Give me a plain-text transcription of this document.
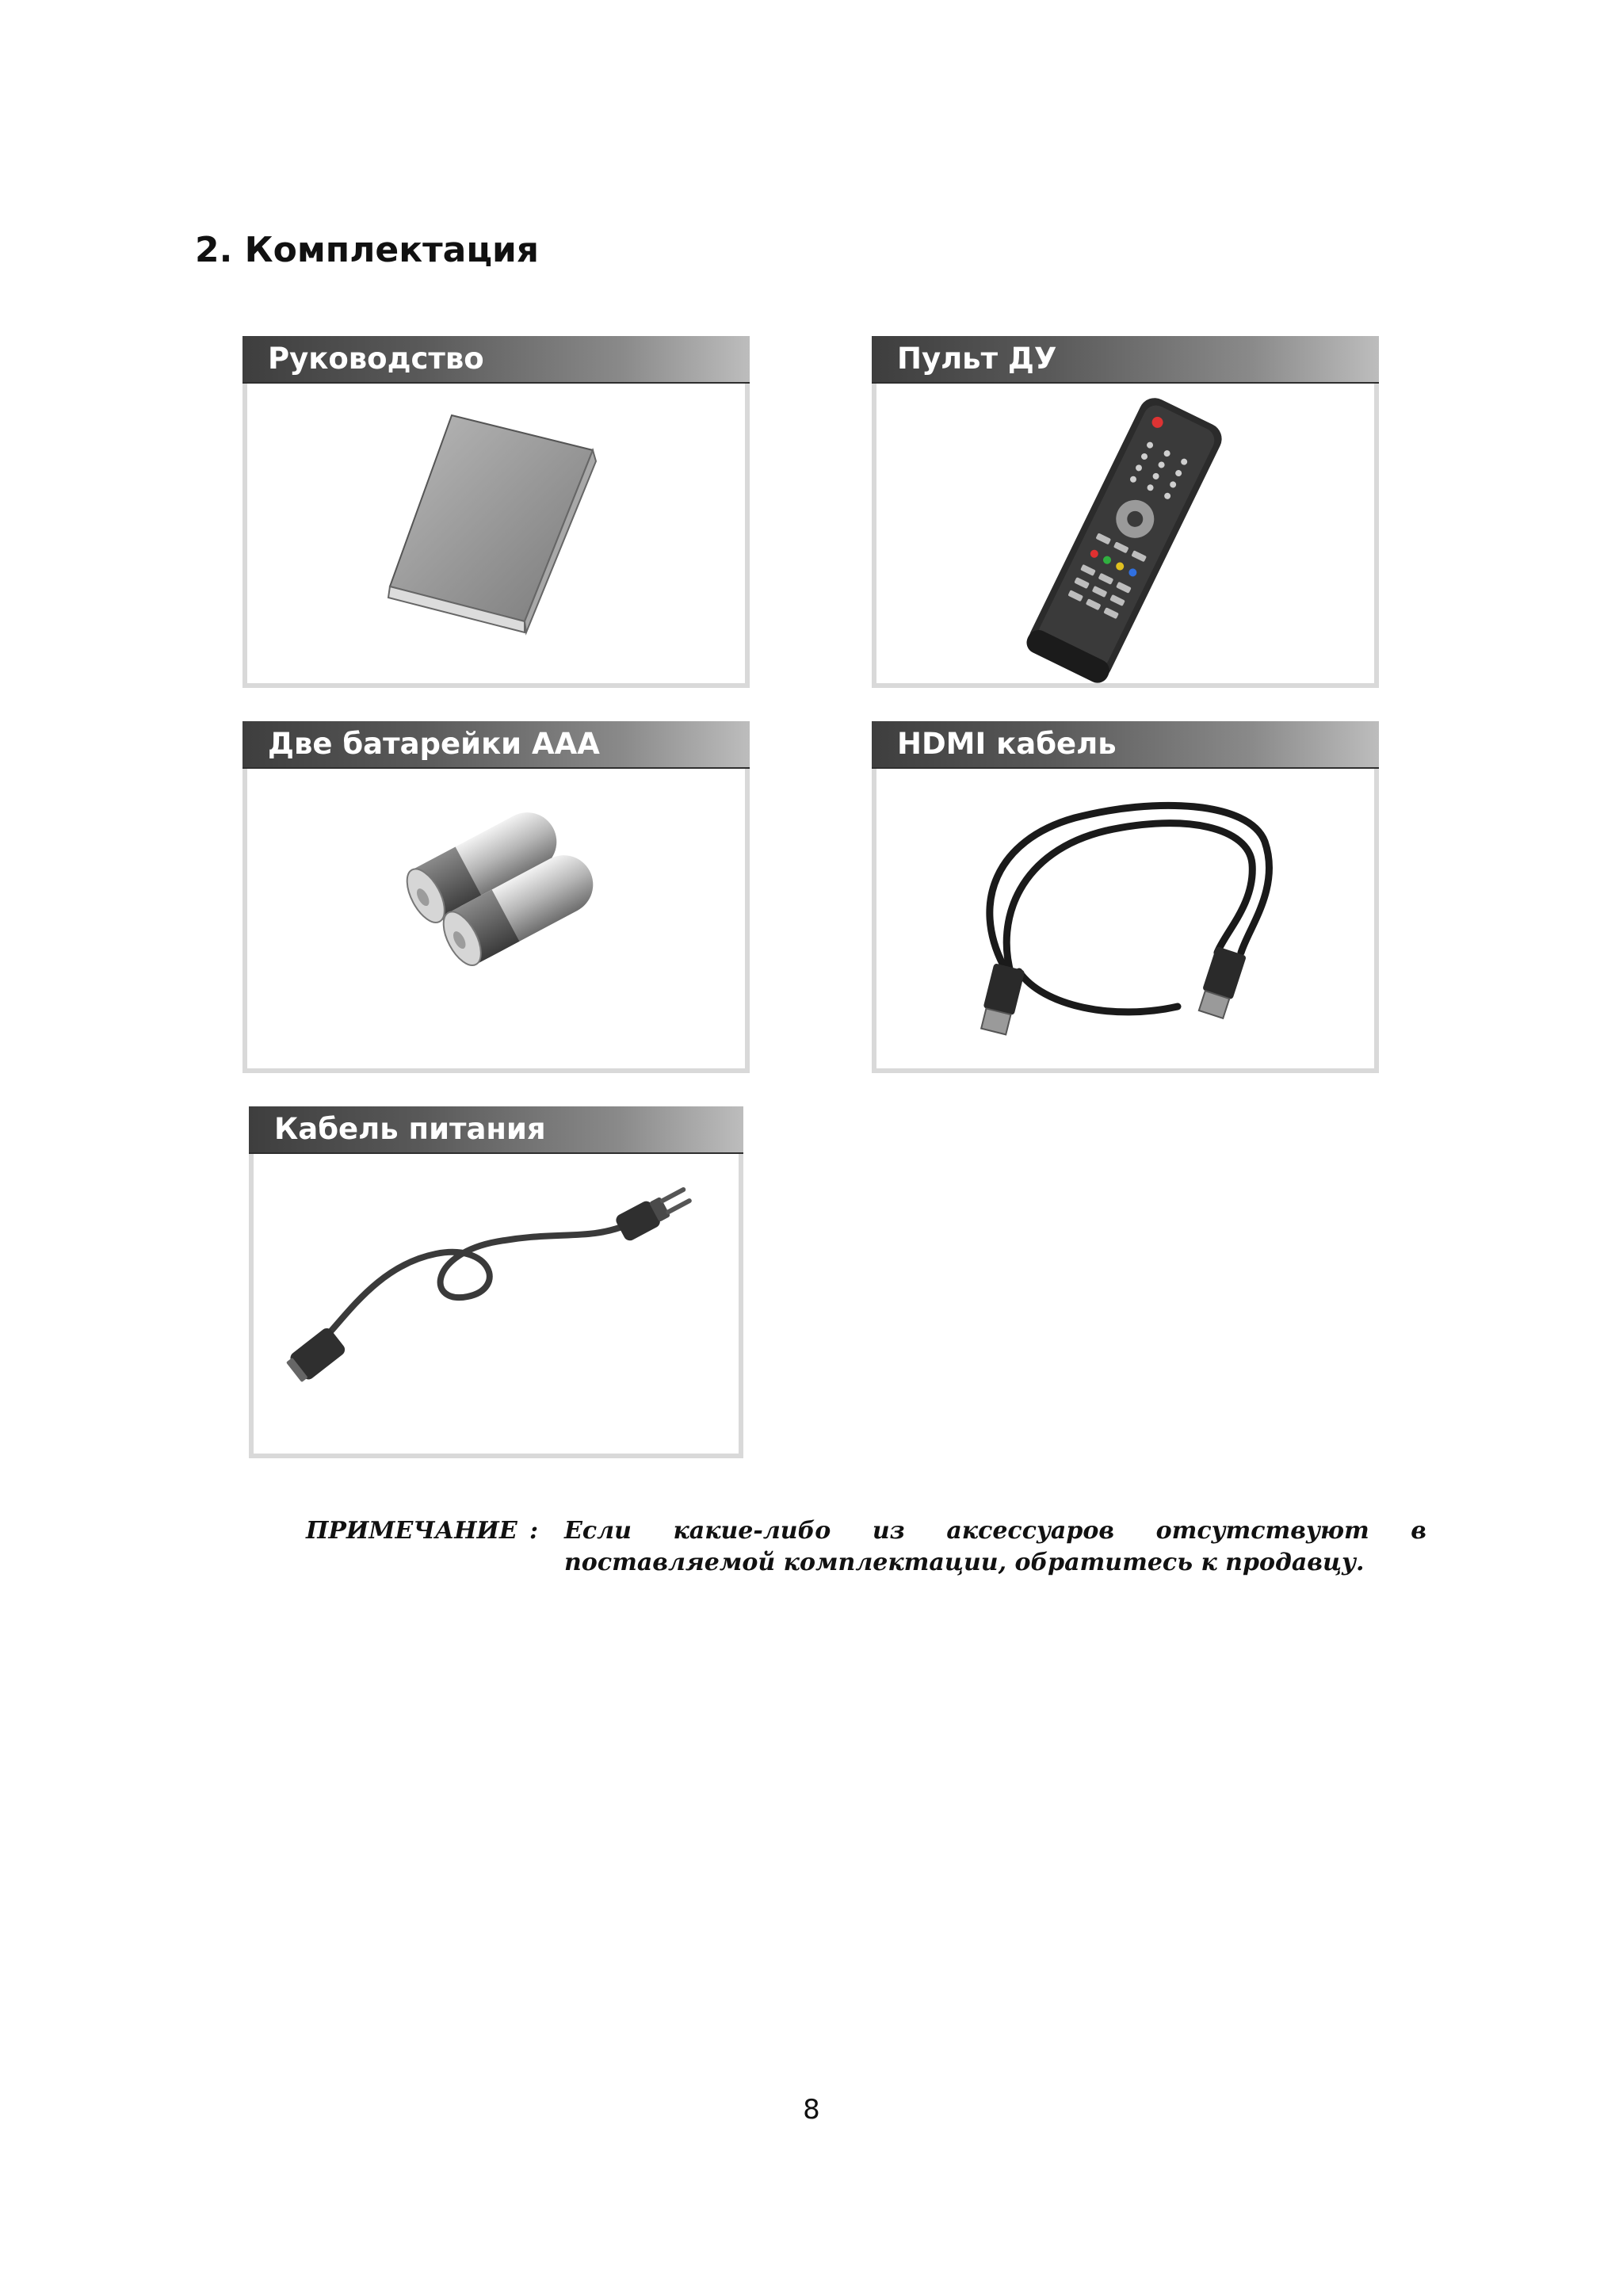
2. Комплектация
Руководство	Пульт ДУ
Две батарейки AAA	HDMI кабель
Кабель питания
ПРИМЕЧАНИЕ : Если какие-либо из аксессуаров отсутствуют в поставляемой комплектации, обратитесь к продавцу.
8
